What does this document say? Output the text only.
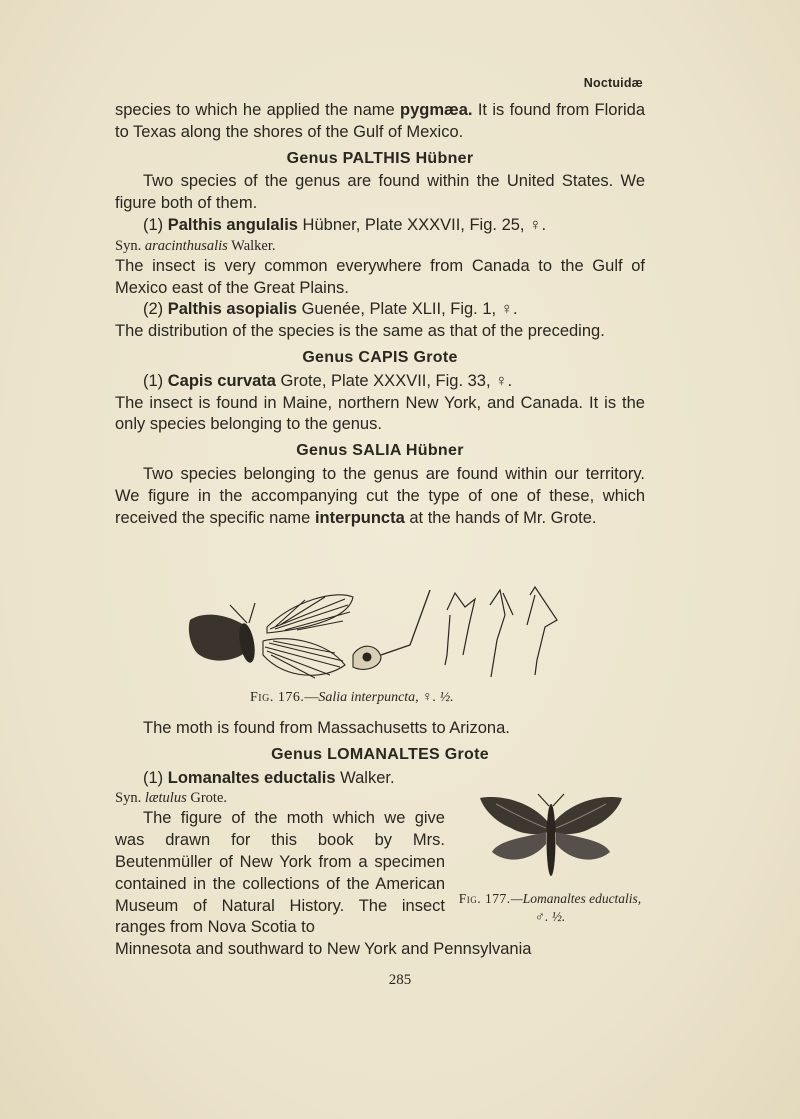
Noctuidæ

species to which he applied the name pygmæa. It is found from Florida to Texas along the shores of the Gulf of Mexico.

Genus PALTHIS Hübner

Two species of the genus are found within the United States. We figure both of them.

(1) Palthis angulalis Hübner, Plate XXXVII, Fig. 25, ♀.

Syn. aracinthusalis Walker.

The insect is very common everywhere from Canada to the Gulf of Mexico east of the Great Plains.

(2) Palthis asopialis Guenée, Plate XLII, Fig. 1, ♀.

The distribution of the species is the same as that of the preceding.

Genus CAPIS Grote

(1) Capis curvata Grote, Plate XXXVII, Fig. 33, ♀.

The insect is found in Maine, northern New York, and Canada. It is the only species belonging to the genus.

Genus SALIA Hübner

Two species belonging to the genus are found within our territory. We figure in the accompanying cut the type of one of these, which received the specific name interpuncta at the hands of Mr. Grote.

Fig. 176.—Salia interpuncta, ♀. ½.

The moth is found from Massachusetts to Arizona.

Genus LOMANALTES Grote

(1) Lomanaltes eductalis Walker.

Syn. lætulus Grote.

The figure of the moth which we give was drawn for this book by Mrs. Beutenmüller of New York from a specimen contained in the collections of the American Museum of Natural History. The insect ranges from Nova Scotia to

Minnesota and southward to New York and Pennsylvania

Fig. 177.—Lomanaltes eductalis, ♂. ½.
285
